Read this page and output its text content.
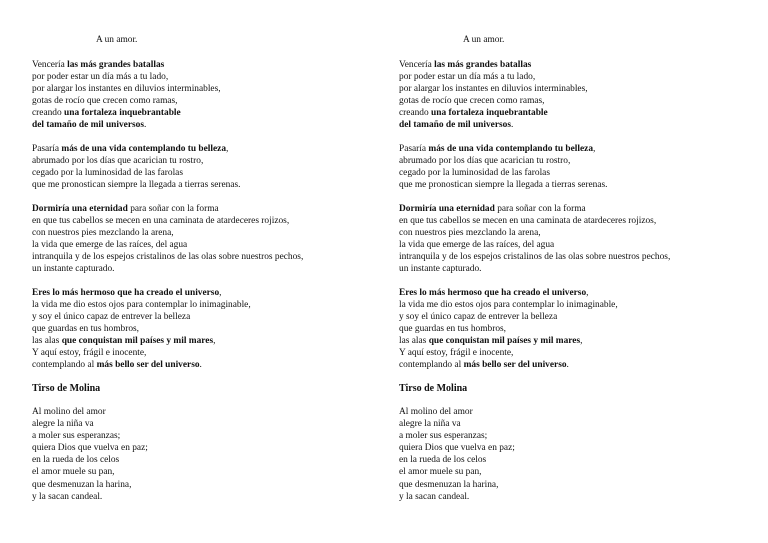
A un amor.
Vencería las más grandes batallas
por poder estar un día más a tu lado,
por alargar los instantes en diluvios interminables,
gotas de rocío que crecen como ramas,
creando una fortaleza inquebrantable
del tamaño de mil universos.
Pasaría más de una vida contemplando tu belleza,
abrumado por los días que acarician tu rostro,
cegado por la luminosidad de las farolas
que me pronostican siempre la llegada a tierras serenas.
Dormiría una eternidad para soñar con la forma
en que tus cabellos se mecen en una caminata de atardeceres rojizos,
con nuestros pies mezclando la arena,
la vida que emerge de las raíces, del agua
intranquila y de los espejos cristalinos de las olas sobre nuestros pechos,
un instante capturado.
Eres lo más hermoso que ha creado el universo,
la vida me dio estos ojos para contemplar lo inimaginable,
y soy el único capaz de entrever la belleza
que guardas en tus hombros,
las alas que conquistan mil países y mil mares,
Y aquí estoy, frágil e inocente,
contemplando al más bello ser del universo.
Tirso de Molina
Al molino del amor
alegre la niña va
a moler sus esperanzas;
quiera Dios que vuelva en paz;
en la rueda de los celos
el amor muele su pan,
que desmenuzan la harina,
y la sacan candeal.
A un amor.
Vencería las más grandes batallas
por poder estar un día más a tu lado,
por alargar los instantes en diluvios interminables,
gotas de rocío que crecen como ramas,
creando una fortaleza inquebrantable
del tamaño de mil universos.
Pasaría más de una vida contemplando tu belleza,
abrumado por los días que acarician tu rostro,
cegado por la luminosidad de las farolas
que me pronostican siempre la llegada a tierras serenas.
Dormiría una eternidad para soñar con la forma
en que tus cabellos se mecen en una caminata de atardeceres rojizos,
con nuestros pies mezclando la arena,
la vida que emerge de las raíces, del agua
intranquila y de los espejos cristalinos de las olas sobre nuestros pechos,
un instante capturado.
Eres lo más hermoso que ha creado el universo,
la vida me dio estos ojos para contemplar lo inimaginable,
y soy el único capaz de entrever la belleza
que guardas en tus hombros,
las alas que conquistan mil países y mil mares,
Y aquí estoy, frágil e inocente,
contemplando al más bello ser del universo.
Tirso de Molina
Al molino del amor
alegre la niña va
a moler sus esperanzas;
quiera Dios que vuelva en paz;
en la rueda de los celos
el amor muele su pan,
que desmenuzan la harina,
y la sacan candeal.
